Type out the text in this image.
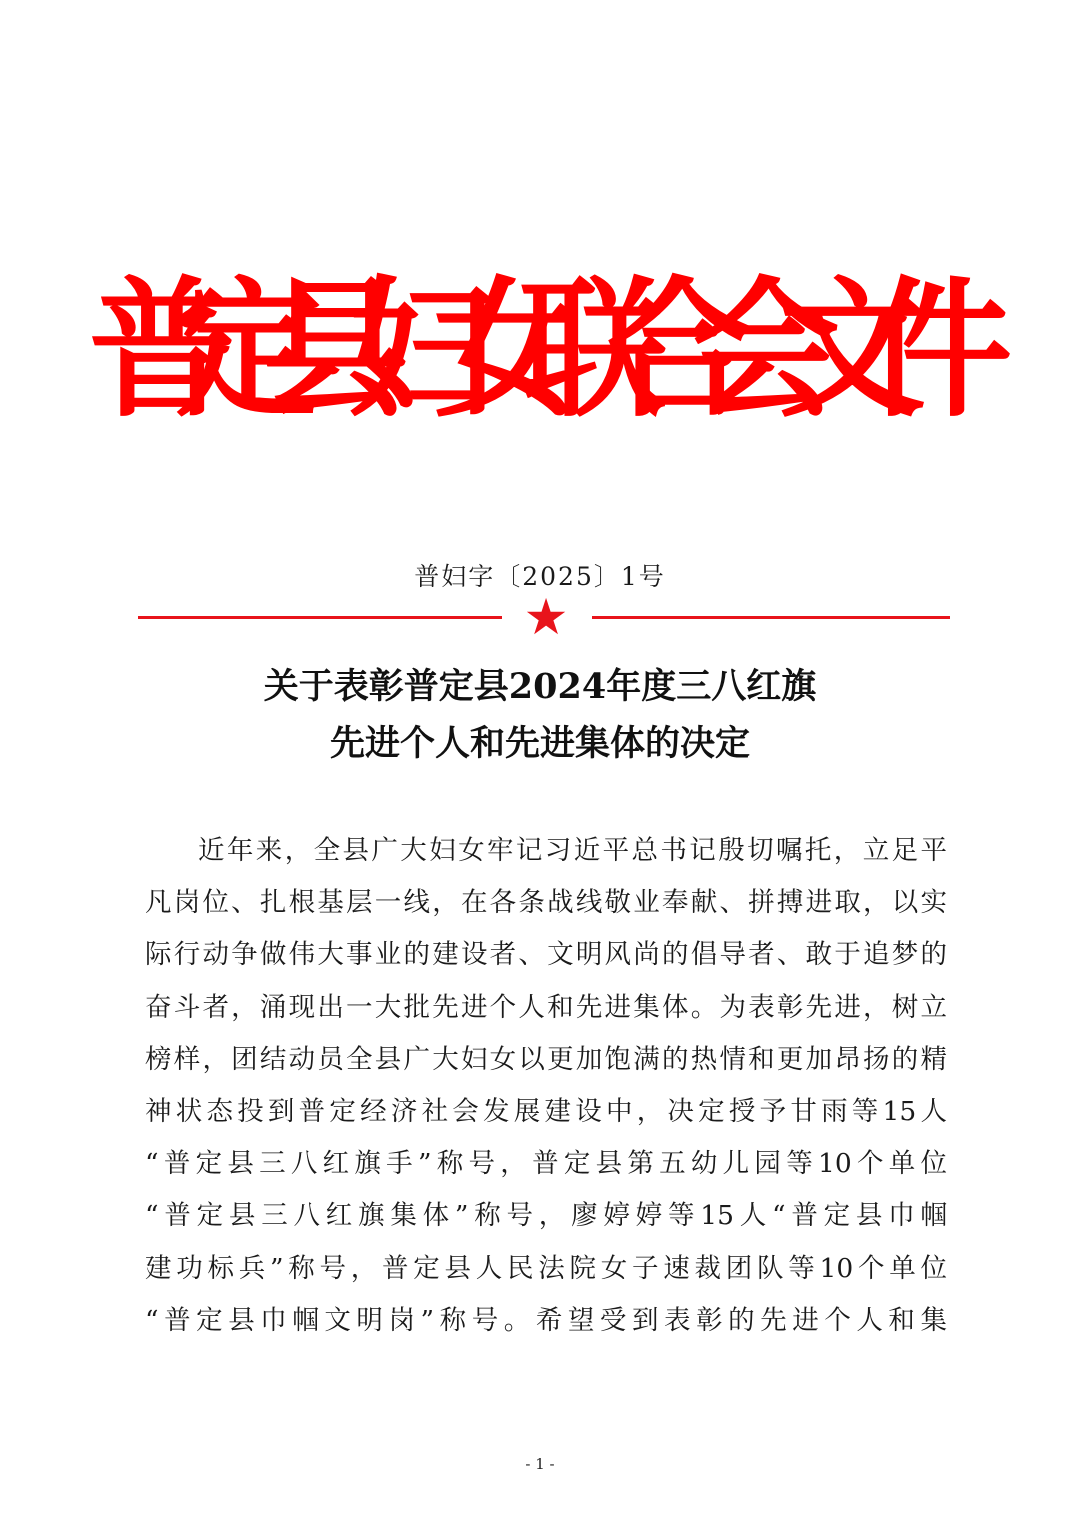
普定县妇女联合会文件
普妇字〔2025〕1号
★
关于表彰普定县2024年度三八红旗
先进个人和先进集体的决定
近年来，全县广大妇女牢记习近平总书记殷切嘱托，立足平
凡岗位、扎根基层一线，在各条战线敬业奉献、拼搏进取，以实
际行动争做伟大事业的建设者、文明风尚的倡导者、敢于追梦的
奋斗者，涌现出一大批先进个人和先进集体。为表彰先进，树立
榜样，团结动员全县广大妇女以更加饱满的热情和更加昂扬的精
神状态投到普定经济社会发展建设中，决定授予甘雨等15人
“普定县三八红旗手”称号，普定县第五幼儿园等10个单位
“普定县三八红旗集体”称号，廖婷婷等15人“普定县巾帼
建功标兵”称号，普定县人民法院女子速裁团队等10个单位
“普定县巾帼文明岗”称号。希望受到表彰的先进个人和集
- 1 -
